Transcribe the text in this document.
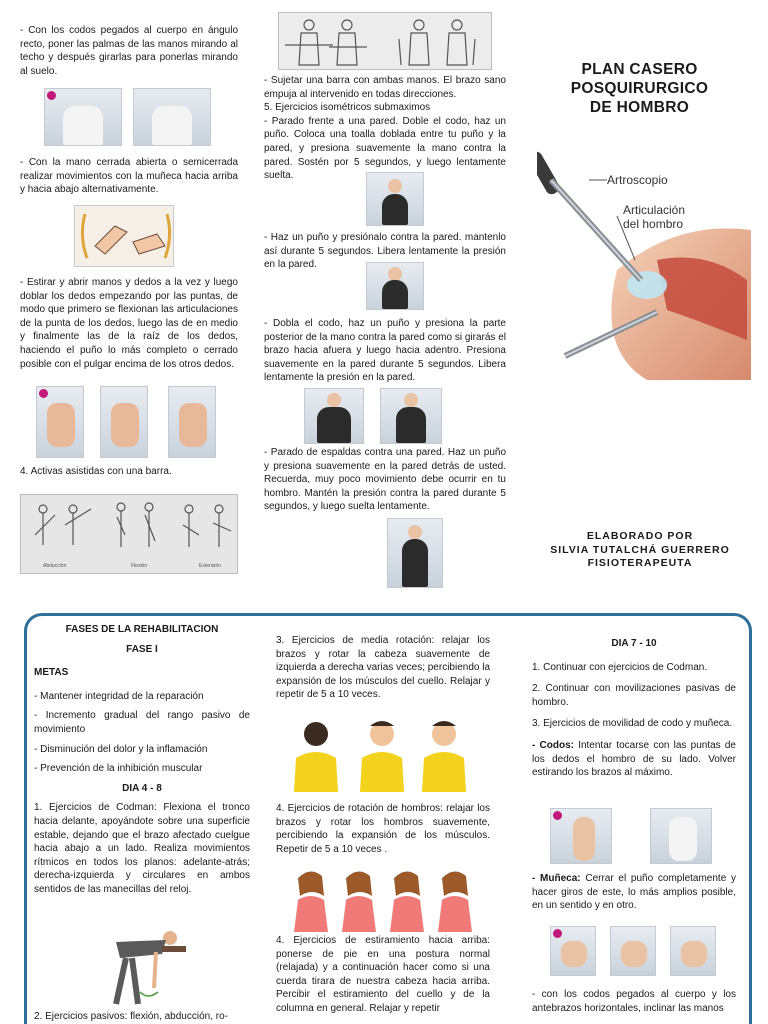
- Con los codos pegados al cuerpo en ángulo recto, poner las palmas de las manos mirando al techo y después girarlas para ponerlas mirando al suelo.

- Con la mano cerrada abierta o semicerrada realizar movimientos con la muñeca hacia arriba y hacia abajo alternativamente.

- Estirar y abrir manos y dedos a la vez y luego doblar los dedos empezando por las puntas, de modo que primero se flexionan las articulaciones de la punta de los dedos, luego las de en medio y finalmente las de la raíz de los dedos, haciendo el puño lo más completo o cerrado posible con el pulgar encima de los otros dedos.

4. Activas asistidas con una barra.

Abducción	Flexión	Extensión

- Sujetar una barra con ambas manos. El brazo sano empuja al intervenido en todas direcciones.

5. Ejercicios isométricos submaximos

- Parado frente a una pared. Doble el codo, haz un puño. Coloca una toalla doblada entre tu puño y la pared, y presiona suavemente la mano contra la pared. Sostén por 5 segundos, y luego lentamente suelta.

- Haz un puño y presiónalo contra la pared. mantenlo así durante 5 segundos. Libera lentamente la presión en la pared.

- Dobla el codo, haz un puño y presiona la parte posterior de la mano contra la pared como si girarás el brazo hacia afuera y luego hacia adentro. Presiona suavemente en la pared durante 5 segundos. Libera lentamente la presión en la pared.

- Parado de espaldas contra una pared. Haz un puño y presiona suavemente en la pared detrás de usted. Recuerda, muy poco movimiento debe ocurrir en tu hombro. Mantén la presión contra la pared durante 5 segundos, y luego suelta lentamente.

PLAN CASERO
POSQUIRURGICO
DE HOMBRO
Artroscopio
Articulación
del hombro
ELABORADO POR
SILVIA TUTALCHÁ GUERRERO
FISIOTERAPEUTA

FASES DE LA REHABILITACION

FASE I

METAS

- Mantener integridad de la reparación

- Incremento gradual del rango pasivo de movimiento

- Disminución del dolor y la inflamación

- Prevención de la inhibición muscular

DIA 4 - 8

1. Ejercicios de Codman: Flexiona el tronco hacia delante, apoyándote sobre una superficie estable, dejando que el brazo afectado cuelgue hacia abajo a un lado. Realiza movimientos rítmicos en todos los planos: adelante-atrás; derecha-izquierda y circulares en ambos sentidos de las manecillas del reloj.

2. Ejercicios pasivos: flexión, abducción, ro-

3. Ejercicios de media rotación: relajar los brazos y rotar la cabeza suavemente de izquierda a derecha varias veces; percibiendo la expansión de los músculos del cuello. Relajar y repetir de 5 a 10 veces.

4. Ejercicios de rotación de hombros: relajar los brazos y rotar los hombros suavemente, percibiendo la expansión de los músculos. Repetir de 5 a 10 veces .

4. Ejercicios de estiramiento hacia arriba: ponerse de pie en una postura normal (relajada) y a continuación hacer como si una cuerda tirara de nuestra cabeza hacia arriba. Percibir el estiramiento del cuello y de la columna en general. Relajar y repetir

DIA 7 - 10

1. Continuar con ejercicios de Codman.

2. Continuar con movilizaciones pasivas de hombro.

3. Ejercicios de movilidad de codo y muñeca.

- Codos: Intentar tocarse con las puntas de los dedos el hombro de su lado. Volver estirando los brazos al máximo.

- Muñeca: Cerrar el puño completamente y hacer giros de este, lo más amplios posible, en un sentido y en otro.

- con los codos pegados al cuerpo y los antebrazos horizontales, inclinar las manos
